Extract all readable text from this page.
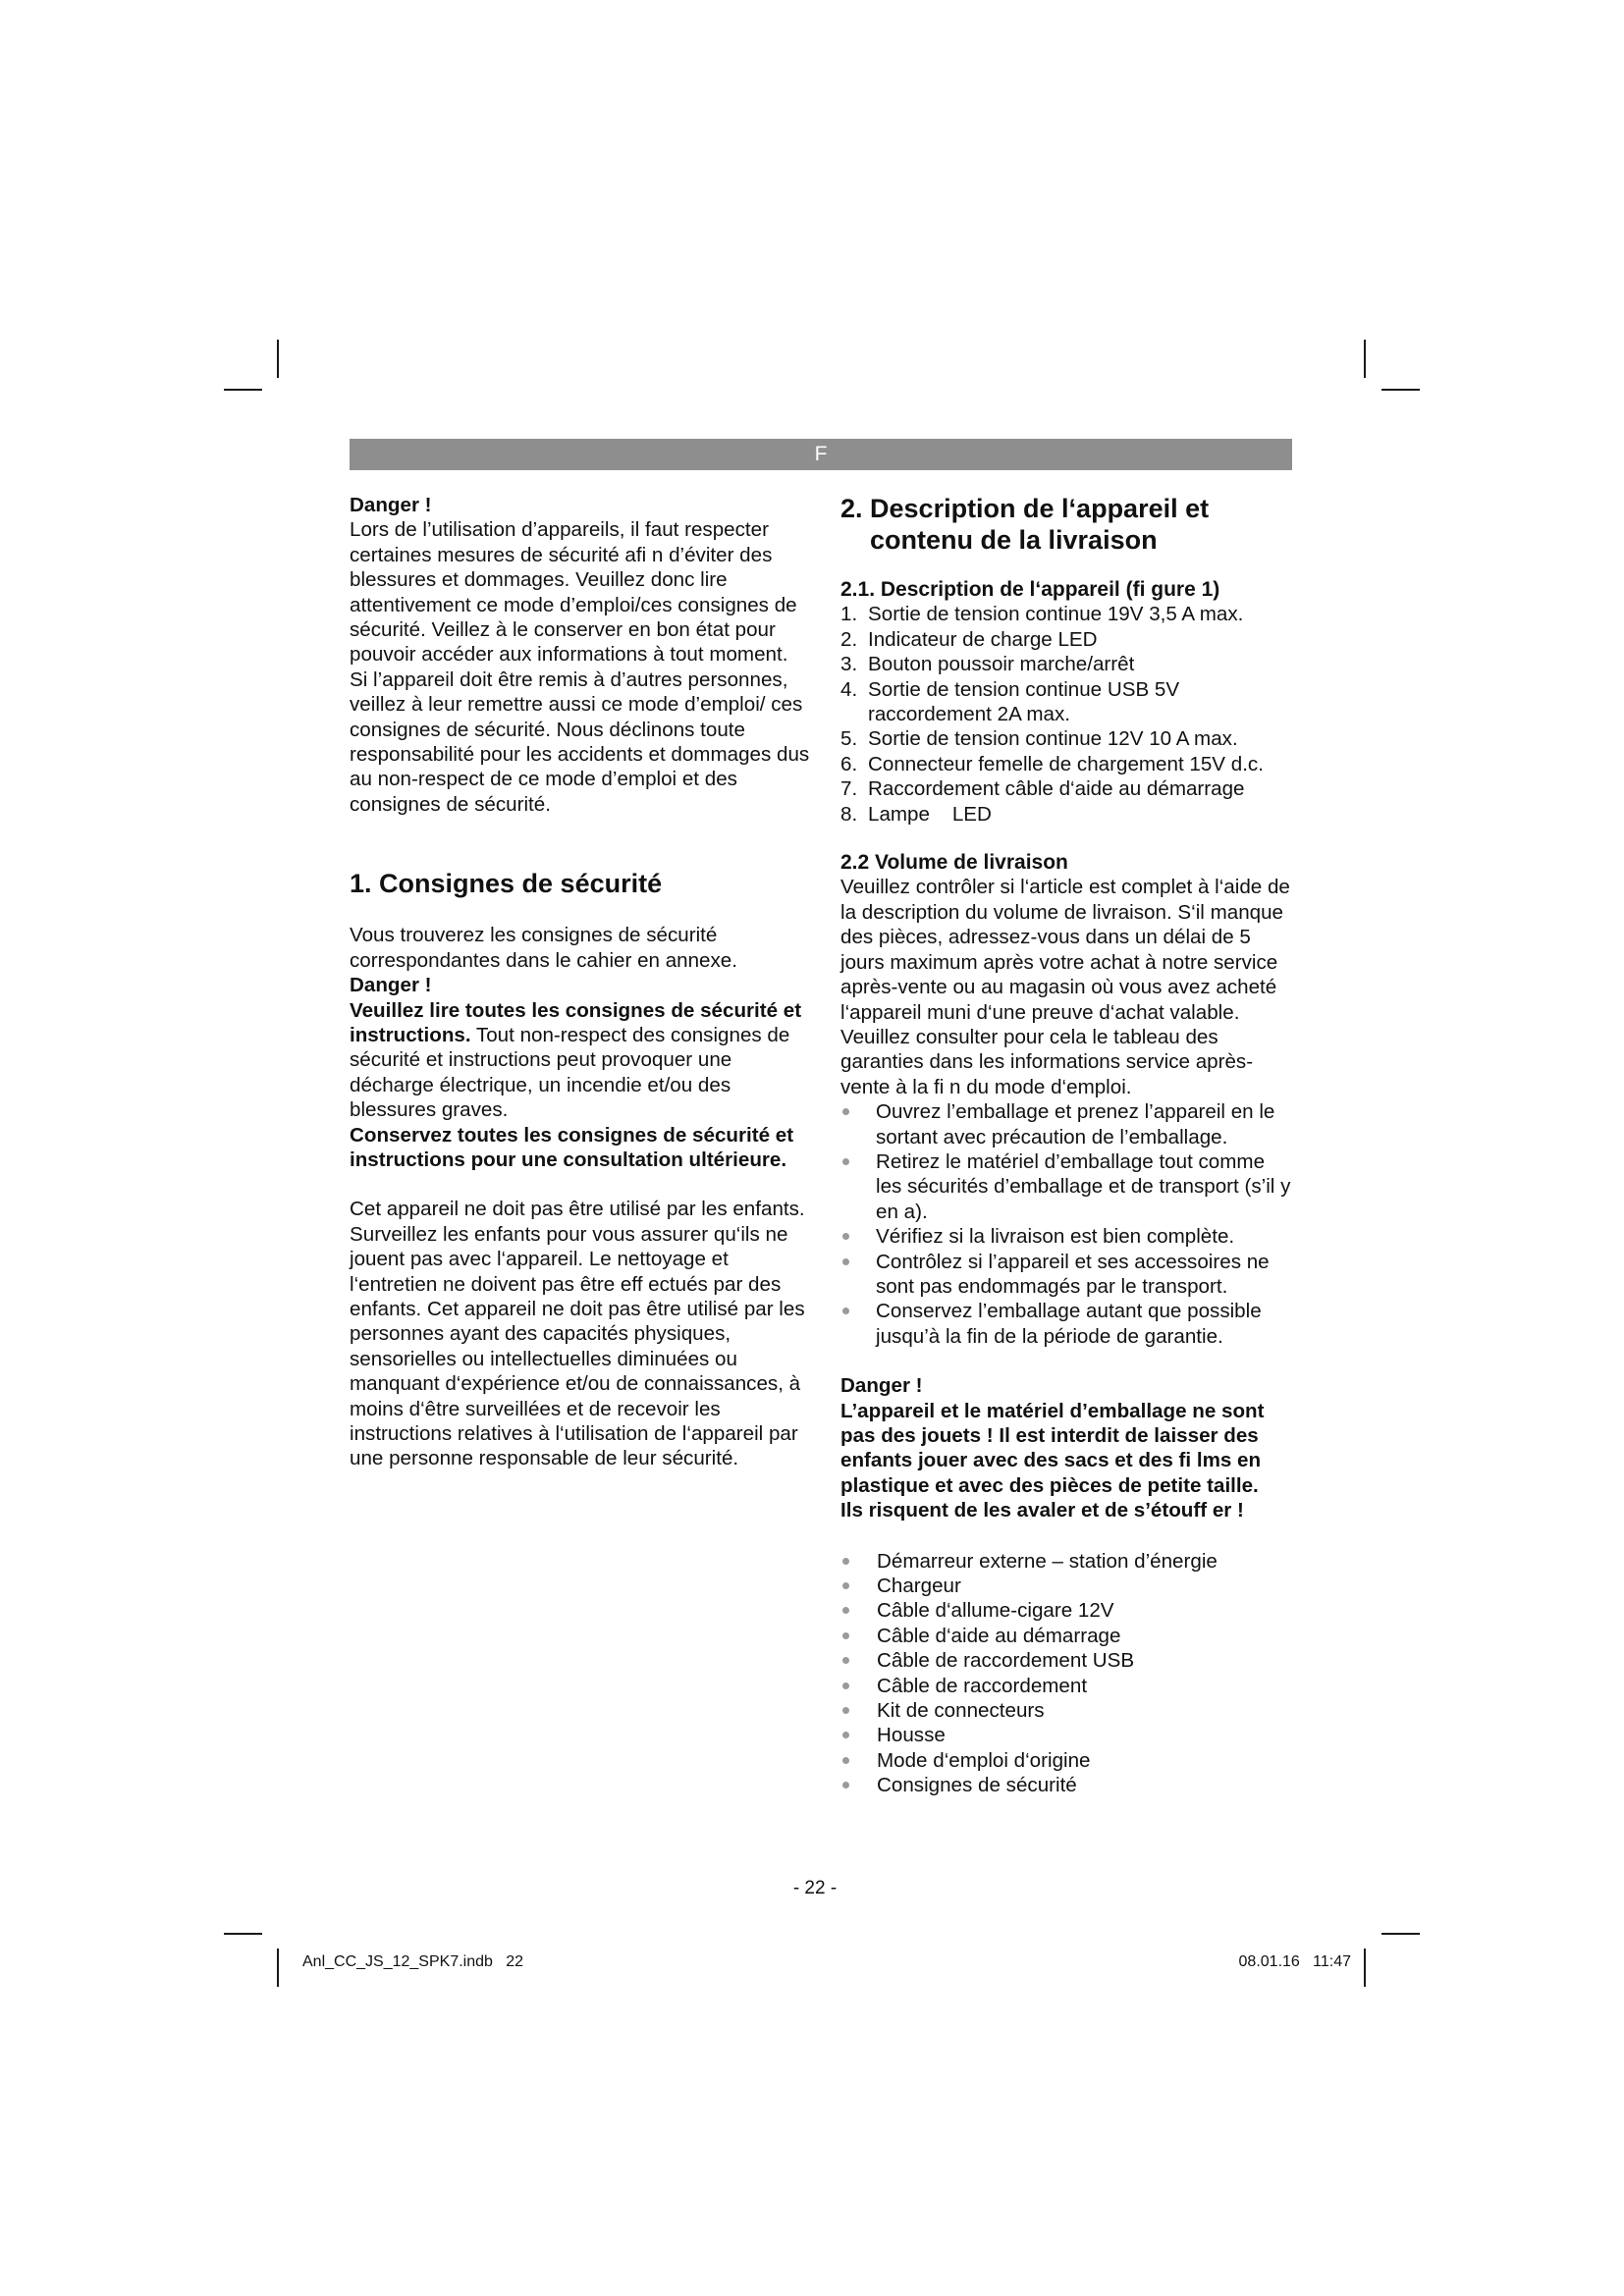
F

Danger !

Lors de l’utilisation d’appareils, il faut respecter certaines mesures de sécurité afi n d’éviter des blessures et dommages. Veuillez donc lire attentivement ce mode d’emploi/ces consignes de sécurité. Veillez à le conserver en bon état pour pouvoir accéder aux informations à tout moment. Si l’appareil doit être remis à d’autres personnes, veillez à leur remettre aussi ce mode d’emploi/ ces consignes de sécurité. Nous déclinons toute responsabilité pour les accidents et dommages dus au non-respect de ce mode d’emploi et des consignes de sécurité.

1. Consignes de sécurité

Vous trouverez les consignes de sécurité correspondantes dans le cahier en annexe.

Danger !

Veuillez lire toutes les consignes de sécurité et instructions. Tout non-respect des consignes de sécurité et instructions peut provoquer une décharge électrique, un incendie et/ou des blessures graves.

Conservez toutes les consignes de sécurité et instructions pour une consultation ultérieure.

Cet appareil ne doit pas être utilisé par les enfants. Surveillez les enfants pour vous assurer qu‘ils ne jouent pas avec l‘appareil. Le nettoyage et l‘entretien ne doivent pas être eff ectués par des enfants. Cet appareil ne doit pas être utilisé par les personnes ayant des capacités physiques, sensorielles ou intellectuelles diminuées ou manquant d‘expérience et/ou de connaissances, à moins d‘être surveillées et de recevoir les instructions relatives à l‘utilisation de l‘appareil par une personne responsable de leur sécurité.

2. Description de l‘appareil et contenu de la livraison
2.1. Description de l‘appareil (fi gure 1)
1. Sortie de tension continue 19V 3,5 A max.
2. Indicateur de charge LED
3. Bouton poussoir marche/arrêt
4. Sortie de tension continue USB 5V raccordement 2A max.
5. Sortie de tension continue 12V 10 A max.
6. Connecteur femelle de chargement 15V d.c.
7. Raccordement câble d‘aide au démarrage
8. Lampe    LED
2.2 Volume de livraison

Veuillez contrôler si l‘article est complet à l‘aide de la description du volume de livraison. S‘il manque des pièces, adressez-vous dans un délai de 5 jours maximum après votre achat à notre service après-vente ou au magasin où vous avez acheté l‘appareil muni d‘une preuve d‘achat valable. Veuillez consulter pour cela le tableau des garanties dans les informations service après-vente à la fi n du mode d‘emploi.

Ouvrez l’emballage et prenez l’appareil en le sortant avec précaution de l’emballage.
Retirez le matériel d’emballage tout comme les sécurités d’emballage et de transport (s’il y en a).
Vérifiez si la livraison est bien complète.
Contrôlez si l’appareil et ses accessoires ne sont pas endommagés par le transport.
Conservez l’emballage autant que possible jusqu’à la fin de la période de garantie.

Danger !

L’appareil et le matériel d’emballage ne sont

pas des jouets ! Il est interdit de laisser des

enfants jouer avec des sacs et des fi lms en

plastique et avec des pièces de petite taille.

Ils risquent de les avaler et de s’étouff er !

Démarreur externe – station d’énergie
Chargeur
Câble d‘allume-cigare 12V
Câble d‘aide au démarrage
Câble de raccordement USB
Câble de raccordement
Kit de connecteurs
Housse
Mode d‘emploi d‘origine
Consignes de sécurité
- 22 -
Anl_CC_JS_12_SPK7.indb   22	08.01.16   11:47
